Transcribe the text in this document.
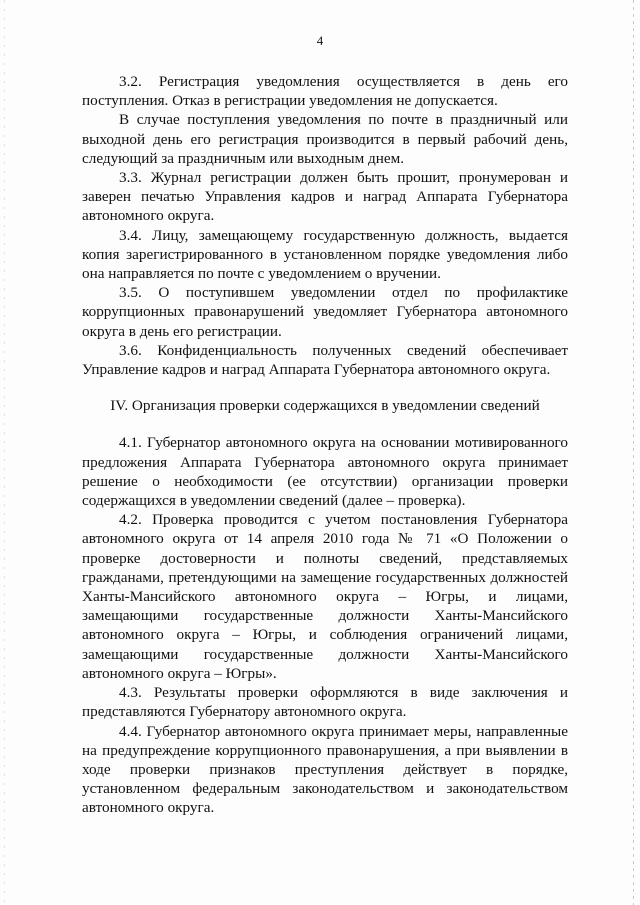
4

3.2. Регистрация уведомления осуществляется в день его поступления. Отказ в регистрации уведомления не допускается.

В случае поступления уведомления по почте в праздничный или выходной день его регистрация производится в первый рабочий день, следующий за праздничным или выходным днем.

3.3. Журнал регистрации должен быть прошит, пронумерован и заверен печатью Управления кадров и наград Аппарата Губернатора автономного округа.

3.4. Лицу, замещающему государственную должность, выдается копия зарегистрированного в установленном порядке уведомления либо она направляется по почте с уведомлением о вручении.

3.5. О поступившем уведомлении отдел по профилактике коррупционных правонарушений уведомляет Губернатора автономного округа в день его регистрации.

3.6. Конфиденциальность полученных сведений обеспечивает Управление кадров и наград Аппарата Губернатора автономного округа.

IV. Организация проверки содержащихся в уведомлении сведений

4.1. Губернатор автономного округа на основании мотивированного предложения Аппарата Губернатора автономного округа принимает решение о необходимости (ее отсутствии) организации проверки содержащихся в уведомлении сведений (далее – проверка).

4.2. Проверка проводится с учетом постановления Губернатора автономного округа от 14 апреля 2010 года № 71 «О Положении о проверке достоверности и полноты сведений, представляемых гражданами, претендующими на замещение государственных должностей Ханты-Мансийского автономного округа – Югры, и лицами, замещающими государственные должности Ханты-Мансийского автономного округа – Югры, и соблюдения ограничений лицами, замещающими государственные должности Ханты-Мансийского автономного округа – Югры».

4.3. Результаты проверки оформляются в виде заключения и представляются Губернатору автономного округа.

4.4. Губернатор автономного округа принимает меры, направленные на предупреждение коррупционного правонарушения, а при выявлении в ходе проверки признаков преступления действует в порядке, установленном федеральным законодательством и законодательством автономного округа.
